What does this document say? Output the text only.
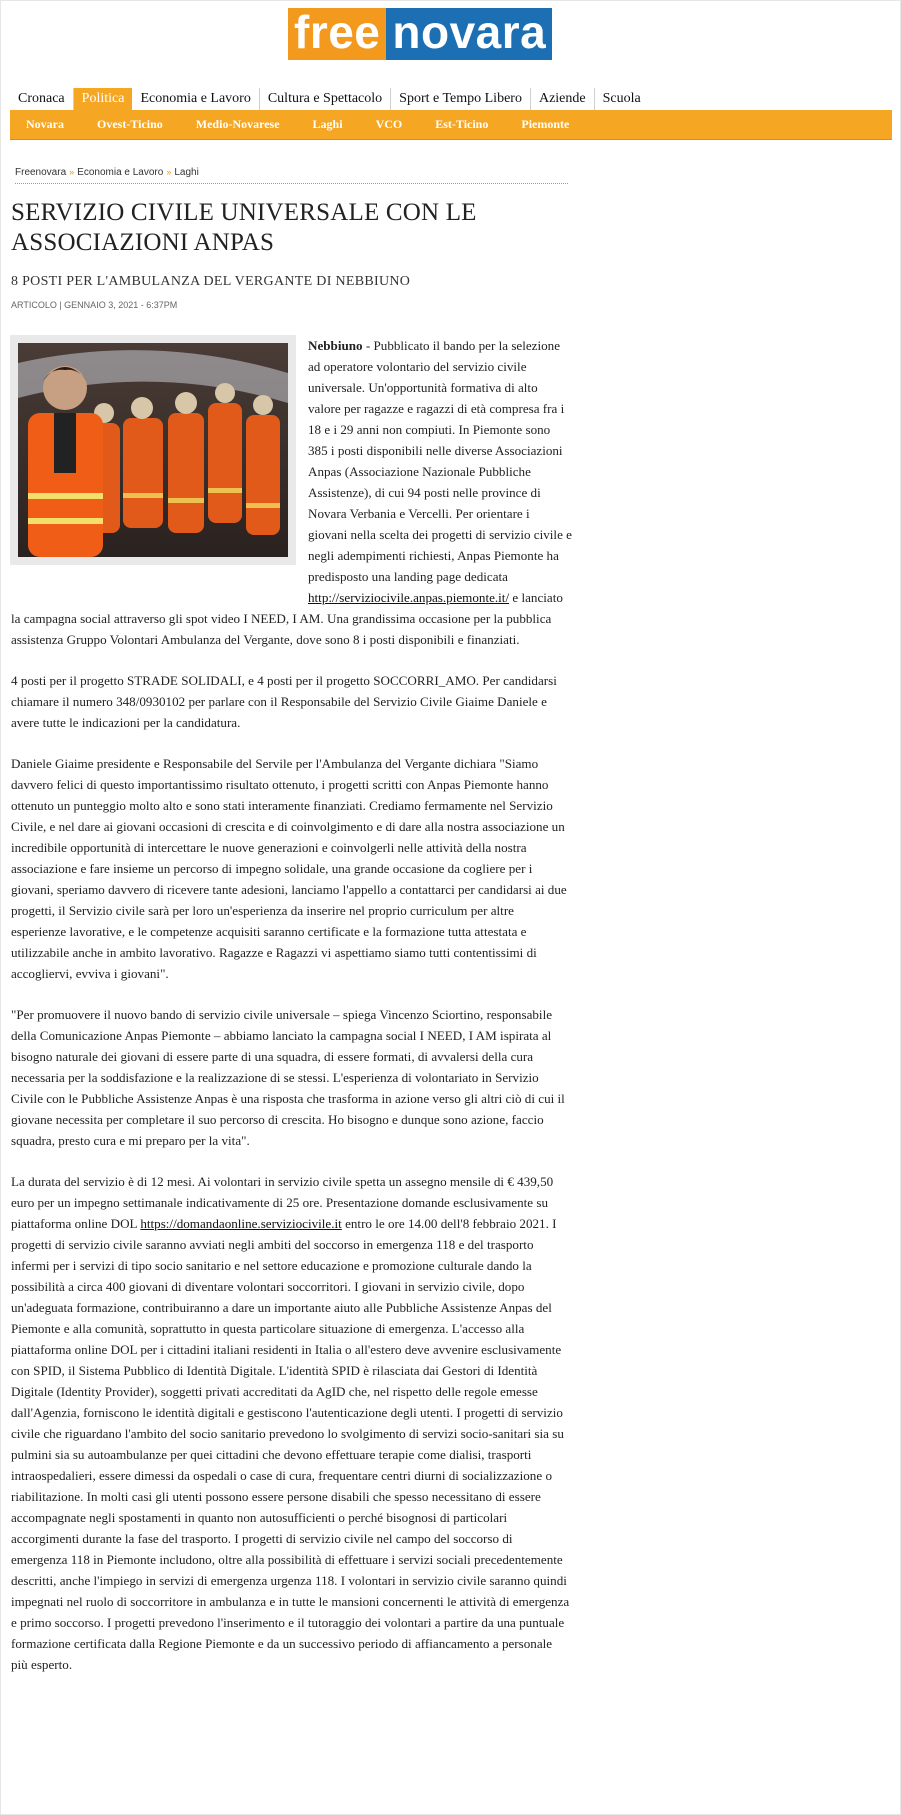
free novara
Cronaca	Politica	Economia e Lavoro	Cultura e Spettacolo	Sport e Tempo Libero	Aziende	Scuola
Novara	Ovest-Ticino	Medio-Novarese	Laghi	VCO	Est-Ticino	Piemonte
Freenovara » Economia e Lavoro » Laghi
SERVIZIO CIVILE UNIVERSALE CON LE ASSOCIAZIONI ANPAS
8 POSTI PER L'AMBULANZA DEL VERGANTE DI NEBBIUNO
ARTICOLO | GENNAIO 3, 2021 - 6:37PM

Nebbiuno - Pubblicato il bando per la selezione ad operatore volontario del servizio civile universale. Un'opportunità formativa di alto valore per ragazze e ragazzi di età compresa fra i 18 e i 29 anni non compiuti. In Piemonte sono 385 i posti disponibili nelle diverse Associazioni Anpas (Associazione Nazionale Pubbliche Assistenze), di cui 94 posti nelle province di Novara Verbania e Vercelli. Per orientare i giovani nella scelta dei progetti di servizio civile e negli adempimenti richiesti, Anpas Piemonte ha predisposto una landing page dedicata http://serviziocivile.anpas.piemonte.it/ e lanciato la campagna social attraverso gli spot video I NEED, I AM. Una grandissima occasione per la pubblica assistenza Gruppo Volontari Ambulanza del Vergante, dove sono 8 i posti disponibili e finanziati.

4 posti per il progetto STRADE SOLIDALI, e 4 posti per il progetto SOCCORRI_AMO. Per candidarsi chiamare il numero 348/0930102 per parlare con il Responsabile del Servizio Civile Giaime Daniele e avere tutte le indicazioni per la candidatura.

Daniele Giaime presidente e Responsabile del Servile per l'Ambulanza del Vergante dichiara "Siamo davvero felici di questo importantissimo risultato ottenuto, i progetti scritti con Anpas Piemonte hanno ottenuto un punteggio molto alto e sono stati interamente finanziati. Crediamo fermamente nel Servizio Civile, e nel dare ai giovani occasioni di crescita e di coinvolgimento e di dare alla nostra associazione un incredibile opportunità di intercettare le nuove generazioni e coinvolgerli nelle attività della nostra associazione e fare insieme un percorso di impegno solidale, una grande occasione da cogliere per i giovani, speriamo davvero di ricevere tante adesioni, lanciamo l'appello a contattarci per candidarsi ai due progetti, il Servizio civile sarà per loro un'esperienza da inserire nel proprio curriculum per altre esperienze lavorative, e le competenze acquisiti saranno certificate e la formazione tutta attestata e utilizzabile anche in ambito lavorativo. Ragazze e Ragazzi vi aspettiamo siamo tutti contentissimi di accogliervi, evviva i giovani".

"Per promuovere il nuovo bando di servizio civile universale – spiega Vincenzo Sciortino, responsabile della Comunicazione Anpas Piemonte – abbiamo lanciato la campagna social I NEED, I AM ispirata al bisogno naturale dei giovani di essere parte di una squadra, di essere formati, di avvalersi della cura necessaria per la soddisfazione e la realizzazione di se stessi. L'esperienza di volontariato in Servizio Civile con le Pubbliche Assistenze Anpas è una risposta che trasforma in azione verso gli altri ciò di cui il giovane necessita per completare il suo percorso di crescita. Ho bisogno e dunque sono azione, faccio squadra, presto cura e mi preparo per la vita".

La durata del servizio è di 12 mesi. Ai volontari in servizio civile spetta un assegno mensile di € 439,50 euro per un impegno settimanale indicativamente di 25 ore. Presentazione domande esclusivamente su piattaforma online DOL https://domandaonline.serviziocivile.it entro le ore 14.00 dell'8 febbraio 2021. I progetti di servizio civile saranno avviati negli ambiti del soccorso in emergenza 118 e del trasporto infermi per i servizi di tipo socio sanitario e nel settore educazione e promozione culturale dando la possibilità a circa 400 giovani di diventare volontari soccorritori. I giovani in servizio civile, dopo un'adeguata formazione, contribuiranno a dare un importante aiuto alle Pubbliche Assistenze Anpas del Piemonte e alla comunità, soprattutto in questa particolare situazione di emergenza. L'accesso alla piattaforma online DOL per i cittadini italiani residenti in Italia o all'estero deve avvenire esclusivamente con SPID, il Sistema Pubblico di Identità Digitale. L'identità SPID è rilasciata dai Gestori di Identità Digitale (Identity Provider), soggetti privati accreditati da AgID che, nel rispetto delle regole emesse dall'Agenzia, forniscono le identità digitali e gestiscono l'autenticazione degli utenti. I progetti di servizio civile che riguardano l'ambito del socio sanitario prevedono lo svolgimento di servizi socio-sanitari sia su pulmini sia su autoambulanze per quei cittadini che devono effettuare terapie come dialisi, trasporti intraospedalieri, essere dimessi da ospedali o case di cura, frequentare centri diurni di socializzazione o riabilitazione. In molti casi gli utenti possono essere persone disabili che spesso necessitano di essere accompagnate negli spostamenti in quanto non autosufficienti o perché bisognosi di particolari accorgimenti durante la fase del trasporto. I progetti di servizio civile nel campo del soccorso di emergenza 118 in Piemonte includono, oltre alla possibilità di effettuare i servizi sociali precedentemente descritti, anche l'impiego in servizi di emergenza urgenza 118. I volontari in servizio civile saranno quindi impegnati nel ruolo di soccorritore in ambulanza e in tutte le mansioni concernenti le attività di emergenza e primo soccorso. I progetti prevedono l'inserimento e il tutoraggio dei volontari a partire da una puntuale formazione certificata dalla Regione Piemonte e da un successivo periodo di affiancamento a personale più esperto.
